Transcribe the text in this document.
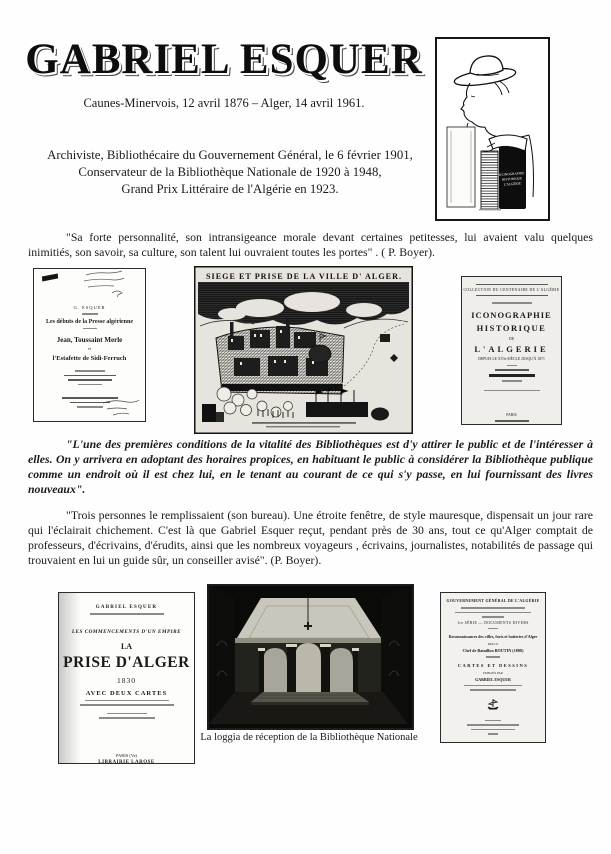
GABRIEL ESQUER
Caunes-Minervois, 12 avril 1876 – Alger, 14 avril 1961.
Archiviste, Bibliothécaire du Gouvernement Général, le 6 février 1901,
Conservateur de la Bibliothèque Nationale de 1920 à 1948,
Grand Prix Littéraire de l'Algérie en 1923.
ICONOGRAPHIE
HISTORIQUE
L'ALGÉRIE
"Sa forte personnalité, son intransigeance morale devant certaines petitesses, lui avaient valu quelques inimitiés, son savoir, sa culture, son talent lui ouvraient toutes les portes" . ( P. Boyer).
"L'une des premières conditions de la vitalité des Bibliothèques est d'y attirer le public et de l'intéresser à elles. On y arrivera en adoptant des horaires propices, en habituant le public à considérer la Bibliothèque publique comme un endroit où il est chez lui, en le tenant au courant de ce qui s'y passe, en lui fournissant des livres nouveaux".
"Trois personnes le remplissaient (son bureau). Une étroite fenêtre, de style mauresque, dispensait un jour rare qui l'éclairait chichement. C'est là que Gabriel Esquer reçut, pendant près de 30 ans, tout ce qu'Alger comptait de professeurs, d'écrivains, d'érudits, ainsi que les nombreux voyageurs , écrivains, journalistes, notabilités de passage qui trouvaient en lui un guide sûr, un conseiller avisé". (P. Boyer).
G. ESQUER
Les débuts de la Presse algérienne
Jean, Toussaint Merle
et
l'Estafette de Sidi-Ferruch
SIEGE ET PRISE DE LA VILLE D' ALGER.
COLLECTION DU CENTENAIRE DE L'ALGÉRIE
ICONOGRAPHIE
HISTORIQUE
DE
L'ALGERIE
DEPUIS LE XVIe SIÈCLE JUSQU'À 1871
PARIS
GABRIEL ESQUER
LES COMMENCEMENTS D'UN EMPIRE
LA
PRISE D'ALGER
1830
AVEC DEUX CARTES
PARIS (Ve)
LIBRAIRIE LAROSE
La loggia de réception de la Bibliothèque Nationale
GOUVERNEMENT GÉNÉRAL DE L'ALGÉRIE
1re SÉRIE — DOCUMENTS DIVERS
Reconnaissances des villes, forts et batteries d'Alger
PAR LE
Chef de Bataillon BOUTIN (1808)
CARTES ET DESSINS
PUBLIÉS PAR
GABRIEL ESQUER
